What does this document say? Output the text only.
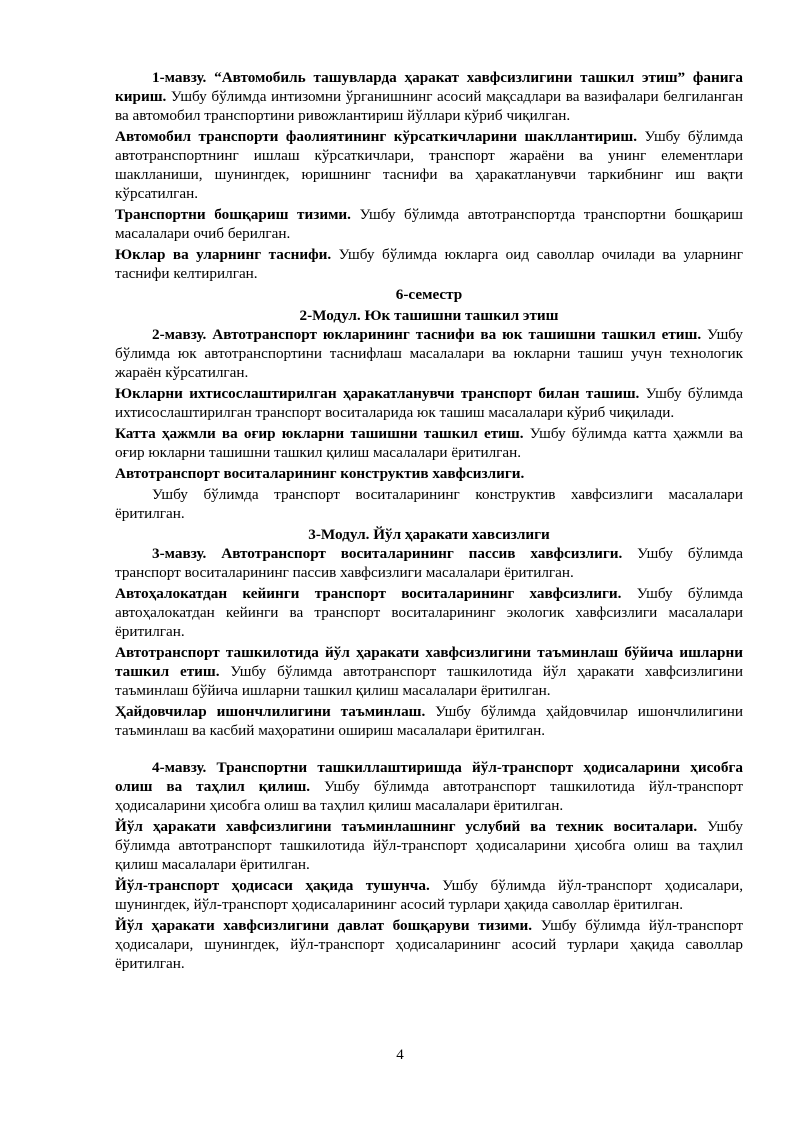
1-мавзу. “Автомобиль ташувларда ҳаракат хавфсизлигини ташкил этиш” фанига кириш. Ушбу бўлимда интизомни ўрганишнинг асосий мақсадлари ва вазифалари белгиланган ва автомобил транспортини ривожлантириш йўллари кўриб чиқилган.

Автомобил транспорти фаолиятининг кўрсаткичларини шакллантириш. Ушбу бўлимда автотранспортнинг ишлаш кўрсаткичлари, транспорт жараёни ва унинг елементлари шаклланиши, шунингдек, юришнинг таснифи ва ҳаракатланувчи таркибнинг иш вақти кўрсатилган.

Транспортни бошқариш тизими. Ушбу бўлимда автотранспортда транспортни бошқариш масалалари очиб берилган.

Юклар ва уларнинг таснифи. Ушбу бўлимда юкларга оид саволлар очилади ва уларнинг таснифи келтирилган.

6-семестр
2-Модул. Юк ташишни ташкил этиш

2-мавзу. Автотранспорт юкларининг таснифи ва юк ташишни ташкил етиш. Ушбу бўлимда юк автотранспортини таснифлаш масалалари ва юкларни ташиш учун технологик жараён кўрсатилган.

Юкларни ихтисослаштирилган ҳаракатланувчи транспорт билан ташиш. Ушбу бўлимда ихтисослаштирилган транспорт воситаларида юк ташиш масалалари кўриб чиқилади.

Катта ҳажмли ва оғир юкларни ташишни ташкил етиш. Ушбу бўлимда катта ҳажмли ва оғир юкларни ташишни ташкил қилиш масалалари ёритилган.

Автотранспорт воситаларининг конструктив хавфсизлиги.

Ушбу бўлимда транспорт воситаларининг конструктив хавфсизлиги масалалари ёритилган.

3-Модул. Йўл ҳаракати хавсизлиги

3-мавзу. Автотранспорт воситаларининг пассив хавфсизлиги. Ушбу бўлимда транспорт воситаларининг пассив хавфсизлиги масалалари ёритилган.

Автоҳалокатдан кейинги транспорт воситаларининг хавфсизлиги. Ушбу бўлимда автоҳалокатдан кейинги ва транспорт воситаларининг экологик хавфсизлиги масалалари ёритилган.

Автотранспорт ташкилотида йўл ҳаракати хавфсизлигини таъминлаш бўйича ишларни ташкил етиш. Ушбу бўлимда автотранспорт ташкилотида йўл ҳаракати хавфсизлигини таъминлаш бўйича ишларни ташкил қилиш масалалари ёритилган.

Ҳайдовчилар ишончлилигини таъминлаш. Ушбу бўлимда ҳайдовчилар ишончлилигини таъминлаш ва касбий маҳоратини ошириш масалалари ёритилган.

4-мавзу. Транспортни ташкиллаштиришда йўл-транспорт ҳодисаларини ҳисобга олиш ва таҳлил қилиш. Ушбу бўлимда автотранспорт ташкилотида йўл-транспорт ҳодисаларини ҳисобга олиш ва таҳлил қилиш масалалари ёритилган.

Йўл ҳаракати хавфсизлигини таъминлашнинг услубий ва техник воситалари. Ушбу бўлимда автотранспорт ташкилотида йўл-транспорт ҳодисаларини ҳисобга олиш ва таҳлил қилиш масалалари ёритилган.

Йўл-транспорт ҳодисаси ҳақида тушунча. Ушбу бўлимда йўл-транспорт ҳодисалари, шунингдек, йўл-транспорт ҳодисаларининг асосий турлари ҳақида саволлар ёритилган.

Йўл ҳаракати хавфсизлигини давлат бошқаруви тизими. Ушбу бўлимда йўл-транспорт ҳодисалари, шунингдек, йўл-транспорт ҳодисаларининг асосий турлари ҳақида саволлар ёритилган.

4
